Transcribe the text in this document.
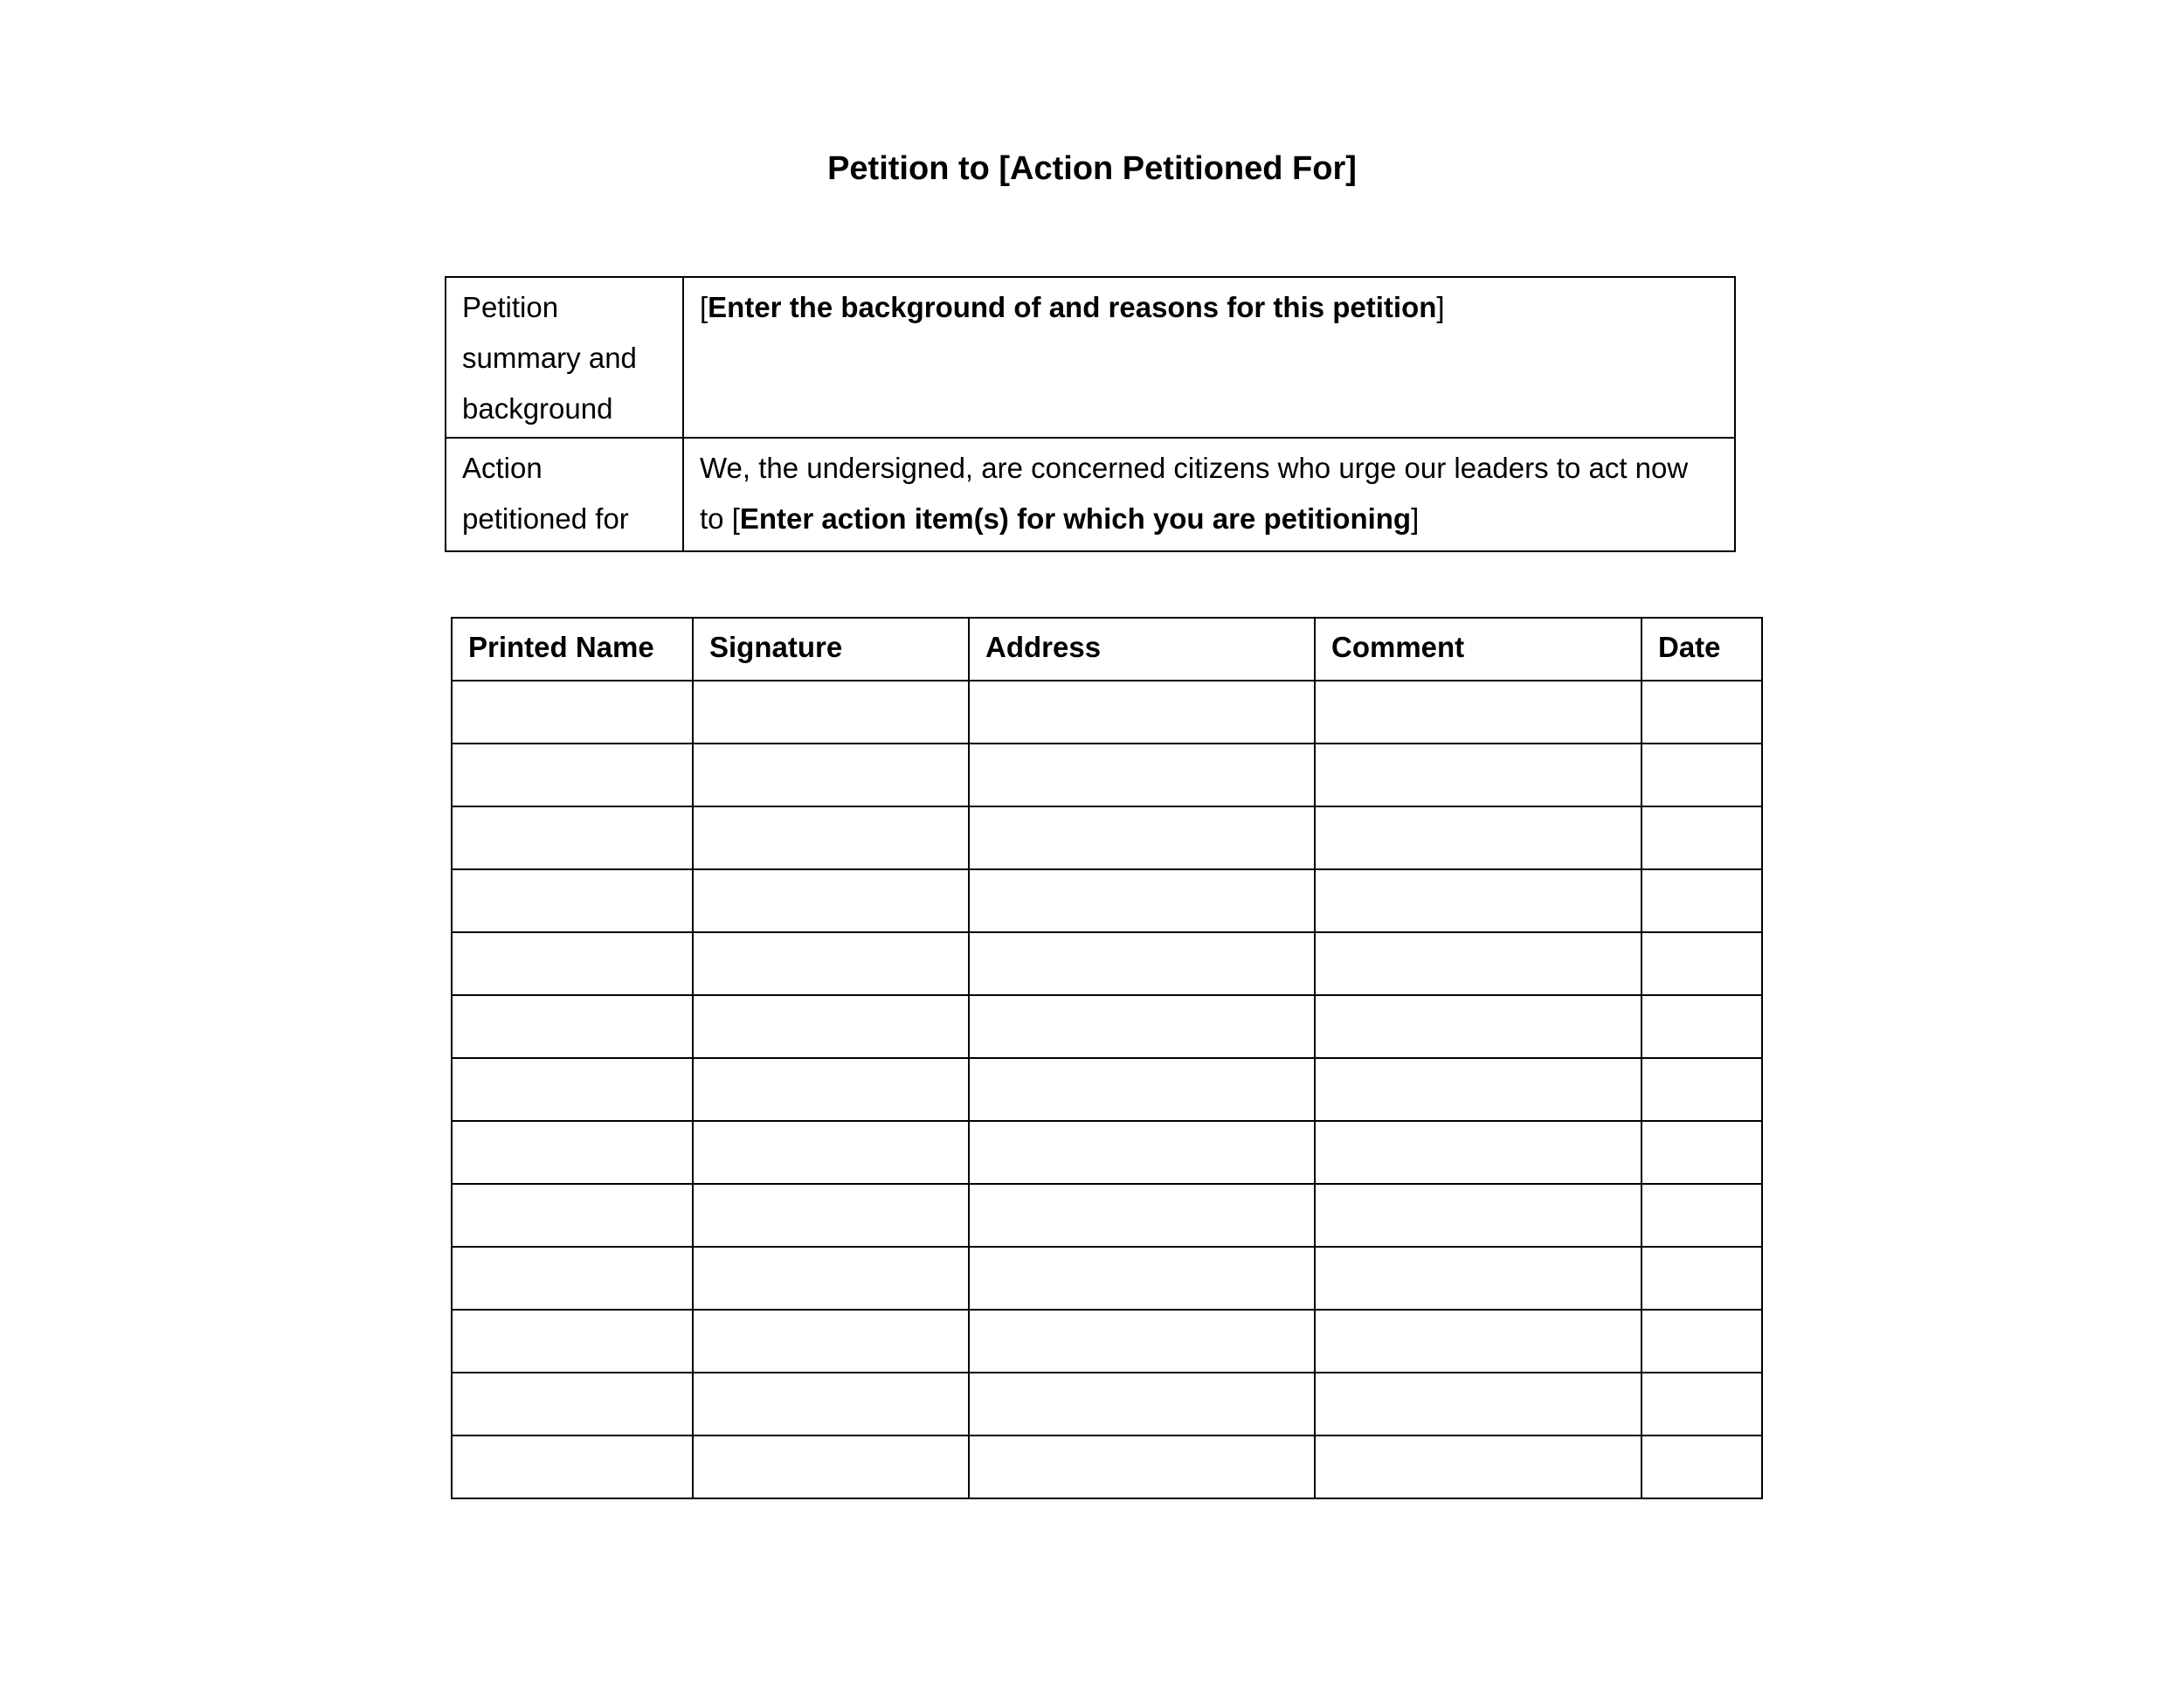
Petition to [Action Petitioned For]
Petition summary and background	[Enter the background of and reasons for this petition]
Action petitioned for	We, the undersigned, are concerned citizens who urge our leaders to act now to [Enter action item(s) for which you are petitioning]
Printed Name	Signature	Address	Comment	Date
